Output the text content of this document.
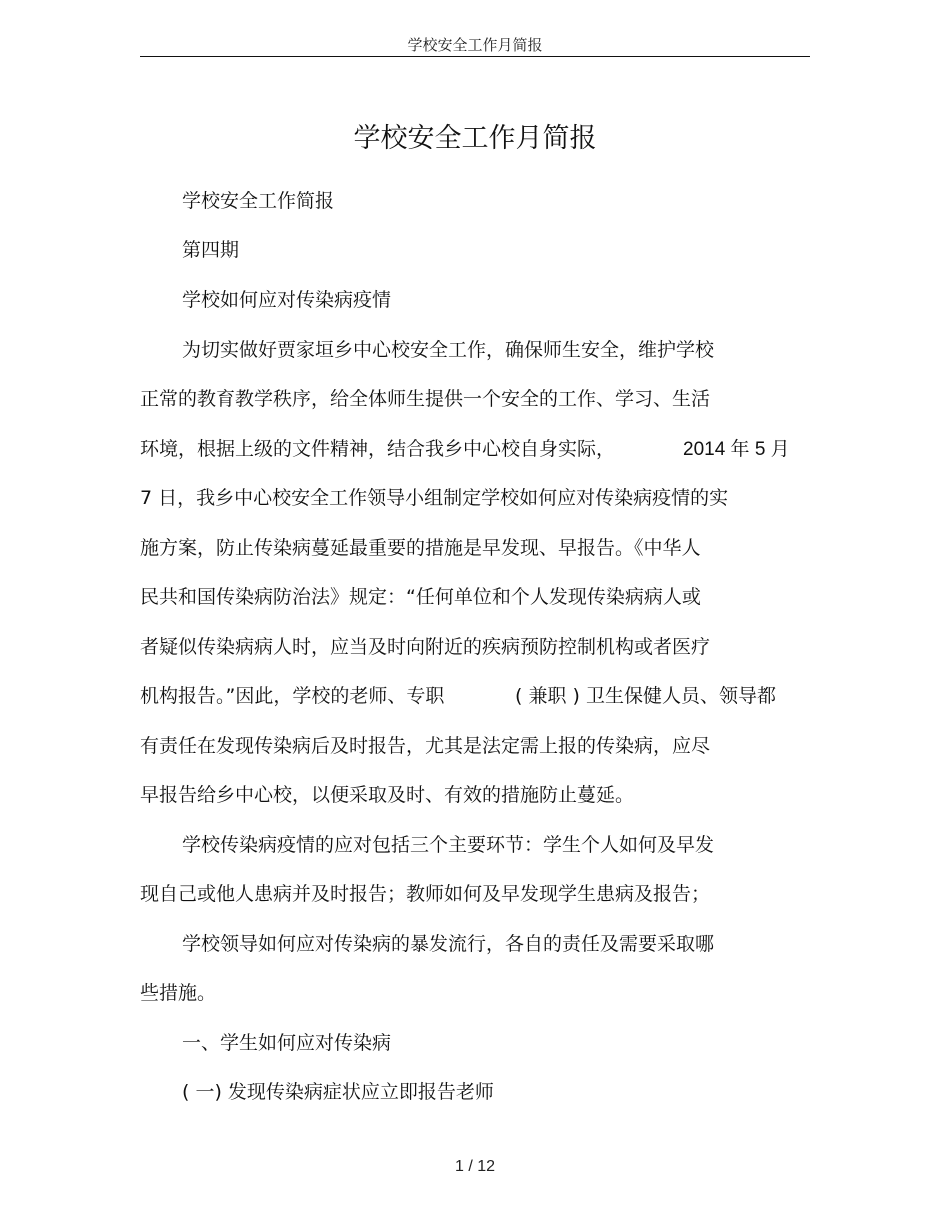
学校安全工作月简报
学校安全工作月简报
学校安全工作简报
第四期
学校如何应对传染病疫情
为切实做好贾家垣乡中心校安全工作，确保师生安全，维护学校
正常的教育教学秩序，给全体师生提供一个安全的工作、学习、生活
环境，根据上级的文件精神，结合我乡中心校自身实际，	2014 年 5 月
7 日，我乡中心校安全工作领导小组制定学校如何应对传染病疫情的实
施方案，防止传染病蔓延最重要的措施是早发现、早报告。《中华人
民共和国传染病防治法》规定：“任何单位和个人发现传染病病人或
者疑似传染病病人时，应当及时向附近的疾病预防控制机构或者医疗
机构报告。”因此，学校的老师、专职	( 兼职 ) 卫生保健人员、领导都
有责任在发现传染病后及时报告，尤其是法定需上报的传染病，应尽
早报告给乡中心校，以便采取及时、有效的措施防止蔓延。
学校传染病疫情的应对包括三个主要环节：学生个人如何及早发
现自己或他人患病并及时报告；教师如何及早发现学生患病及报告；
学校领导如何应对传染病的暴发流行，各自的责任及需要采取哪
些措施。
一、学生如何应对传染病
( 一) 发现传染病症状应立即报告老师
1 / 12
